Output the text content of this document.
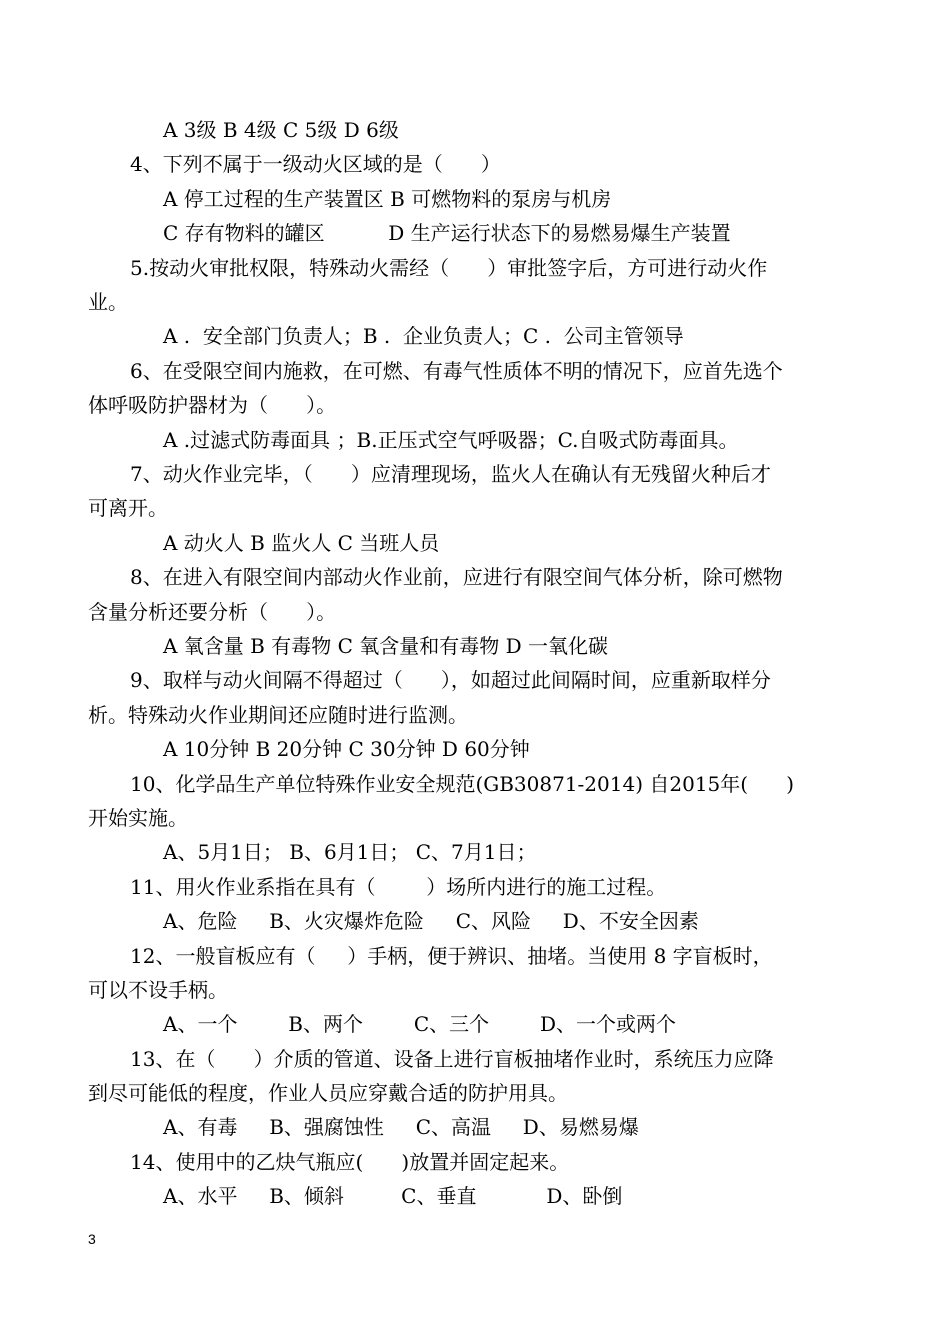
A 3级 B 4级 C 5级 D 6级
4、下列不属于一级动火区域的是（      ）
A 停工过程的生产装置区 B 可燃物料的泵房与机房
C 存有物料的罐区          D 生产运行状态下的易燃易爆生产装置
5.按动火审批权限，特殊动火需经（      ）审批签字后，方可进行动火作
业。
A .  安全部门负责人；B .  企业负责人；C .  公司主管领导
6、在受限空间内施救，在可燃、有毒气性质体不明的情况下，应首先选个
体呼吸防护器材为（      ）。
A .过滤式防毒面具 ；B.正压式空气呼吸器；C.自吸式防毒面具。
7、动火作业完毕，（      ）应清理现场，监火人在确认有无残留火种后才
可离开。
A 动火人 B 监火人 C 当班人员
8、在进入有限空间内部动火作业前，应进行有限空间气体分析，除可燃物
含量分析还要分析（      ）。
A 氧含量 B 有毒物 C 氧含量和有毒物 D 一氧化碳
9、取样与动火间隔不得超过（      ），如超过此间隔时间，应重新取样分
析。特殊动火作业期间还应随时进行监测。
A 10分钟 B 20分钟 C 30分钟 D 60分钟
10、化学品生产单位特殊作业安全规范(GB30871-2014) 自2015年(      )
开始实施。
A、5月1日； B、6月1日； C、7月1日；
11、用火作业系指在具有（        ）场所内进行的施工过程。
A、危险     B、火灾爆炸危险     C、风险     D、不安全因素
12、一般盲板应有（     ）手柄，便于辨识、抽堵。当使用 8 字盲板时，
可以不设手柄。
A、一个        B、两个        C、三个        D、一个或两个
13、在（      ）介质的管道、设备上进行盲板抽堵作业时，系统压力应降
到尽可能低的程度，作业人员应穿戴合适的防护用具。
A、有毒     B、强腐蚀性     C、高温     D、易燃易爆
14、使用中的乙炔气瓶应(      )放置并固定起来。
A、水平     B、倾斜         C、垂直           D、卧倒
3
